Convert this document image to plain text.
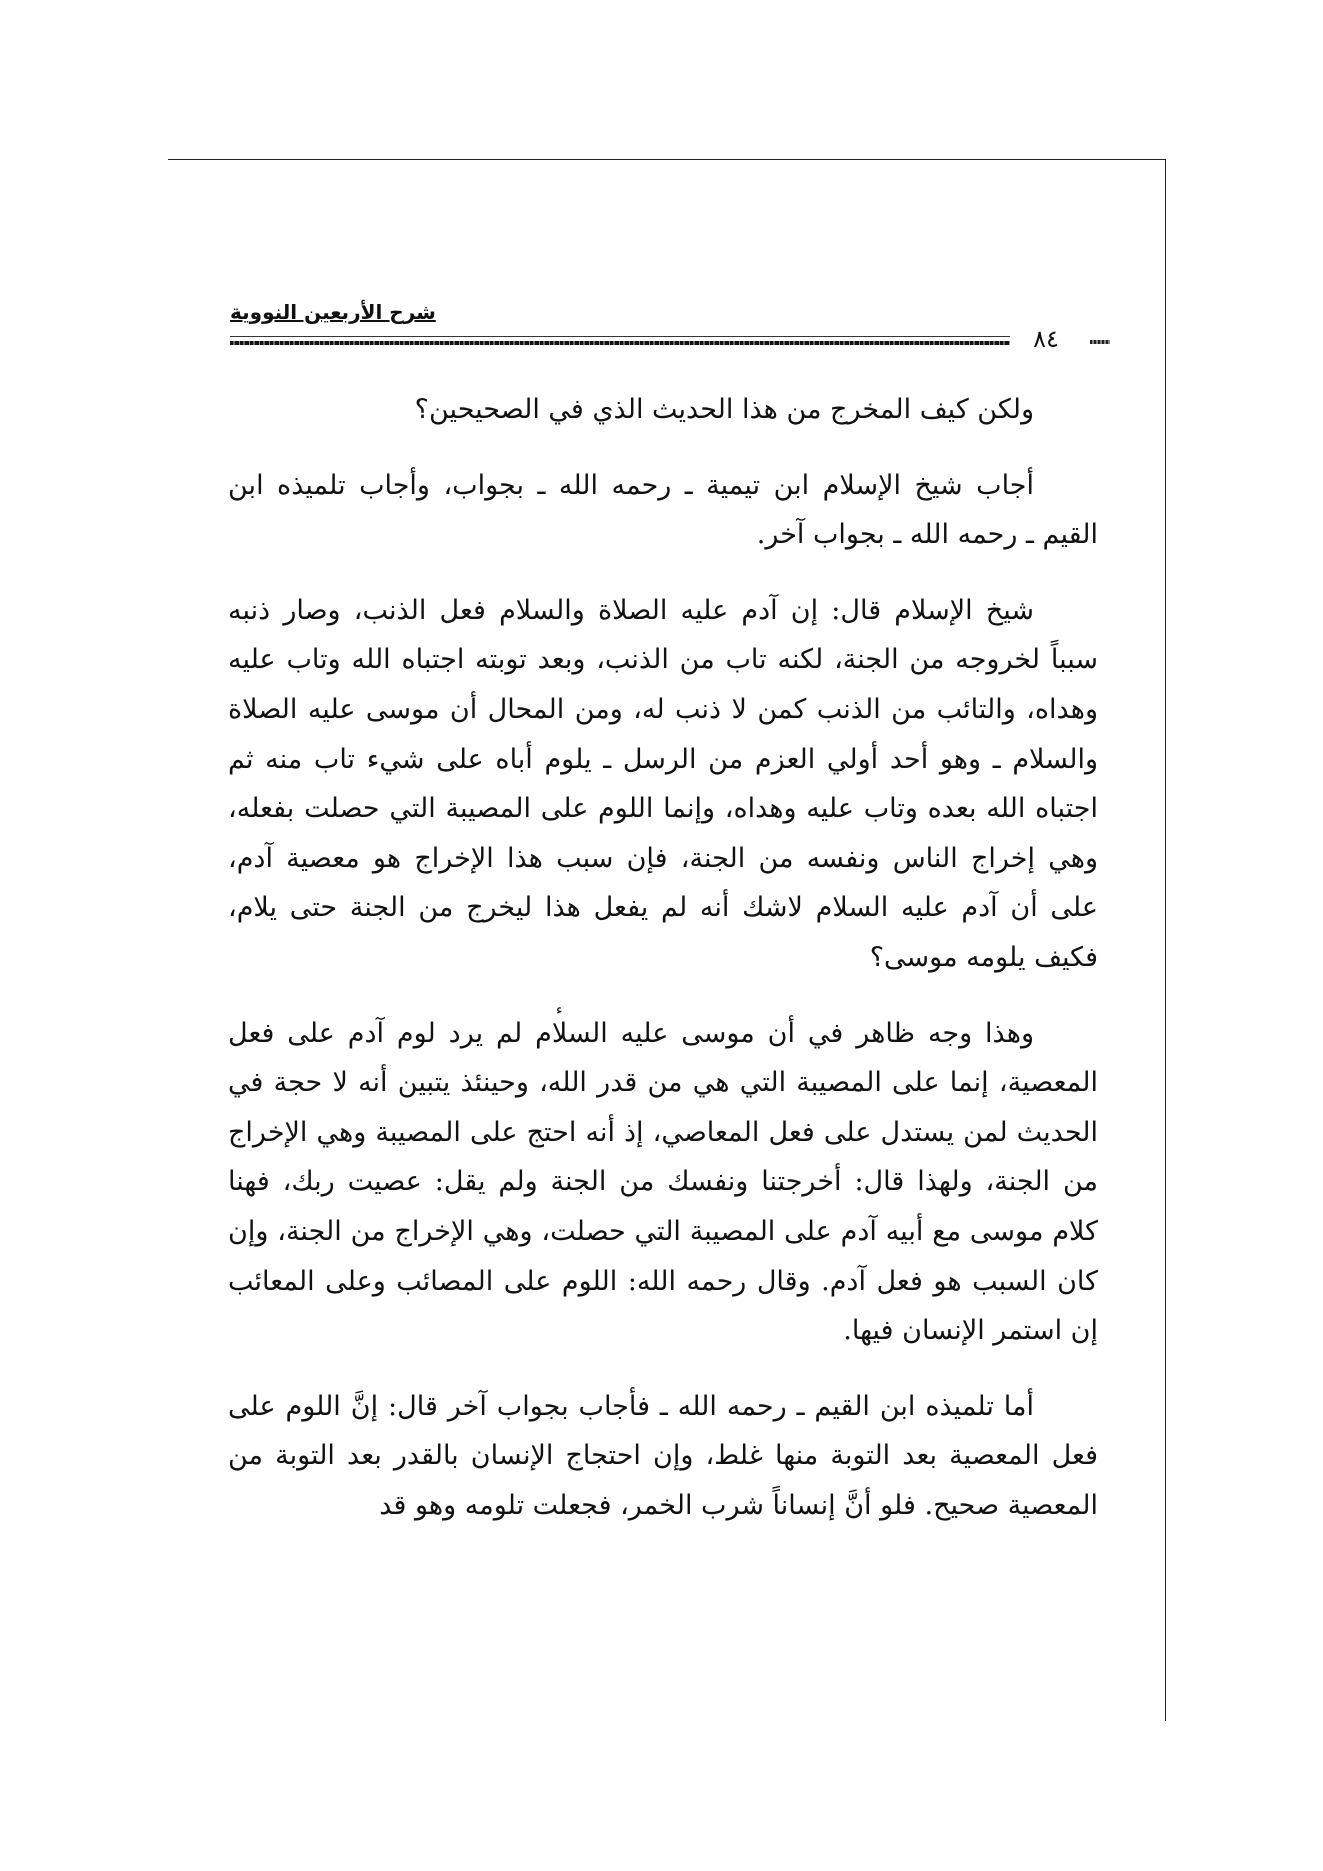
شرح الأربعين النووية
٨٤

ولكن كيف المخرج من هذا الحديث الذي في الصحيحين؟

أجاب شيخ الإسلام ابن تيمية ـ رحمه الله ـ بجواب، وأجاب تلميذه ابن القيم ـ رحمه الله ـ بجواب آخر.

شيخ الإسلام قال: إن آدم عليه الصلاة والسلام فعل الذنب، وصار ذنبه سبباً لخروجه من الجنة، لكنه تاب من الذنب، وبعد توبته اجتباه الله وتاب عليه وهداه، والتائب من الذنب كمن لا ذنب له، ومن المحال أن موسى عليه الصلاة والسلام ـ وهو أحد أولي العزم من الرسل ـ يلوم أباه على شيء تاب منه ثم اجتباه الله بعده وتاب عليه وهداه، وإنما اللوم على المصيبة التي حصلت بفعله، وهي إخراج الناس ونفسه من الجنة، فإن سبب هذا الإخراج هو معصية آدم، على أن آدم عليه السلام لاشك أنه لم يفعل هذا ليخرج من الجنة حتى يلام، فكيف يلومه موسى؟

وهذا وجه ظاهر في أن موسى عليه السلام لم يرد لوم آدم على فعل المعصية، إنما على المصيبة التي هي من قدر الله، وحينئذ يتبين أنه لا حجة في الحديث لمن يستدل على فعل المعاصي، إذ أنه احتج على المصيبة وهي الإخراج من الجنة، ولهذا قال: أخرجتنا ونفسك من الجنة ولم يقل: عصيت ربك، فهنا كلام موسى مع أبيه آدم على المصيبة التي حصلت، وهي الإخراج من الجنة، وإن كان السبب هو فعل آدم. وقال رحمه الله: اللوم على المصائب وعلى المعائب إن استمر الإنسان فيها.

أما تلميذه ابن القيم ـ رحمه الله ـ فأجاب بجواب آخر قال: إنَّ اللوم على فعل المعصية بعد التوبة منها غلط، وإن احتجاج الإنسان بالقدر بعد التوبة من المعصية صحيح. فلو أنَّ إنساناً شرب الخمر، فجعلت تلومه وهو قد

ء
